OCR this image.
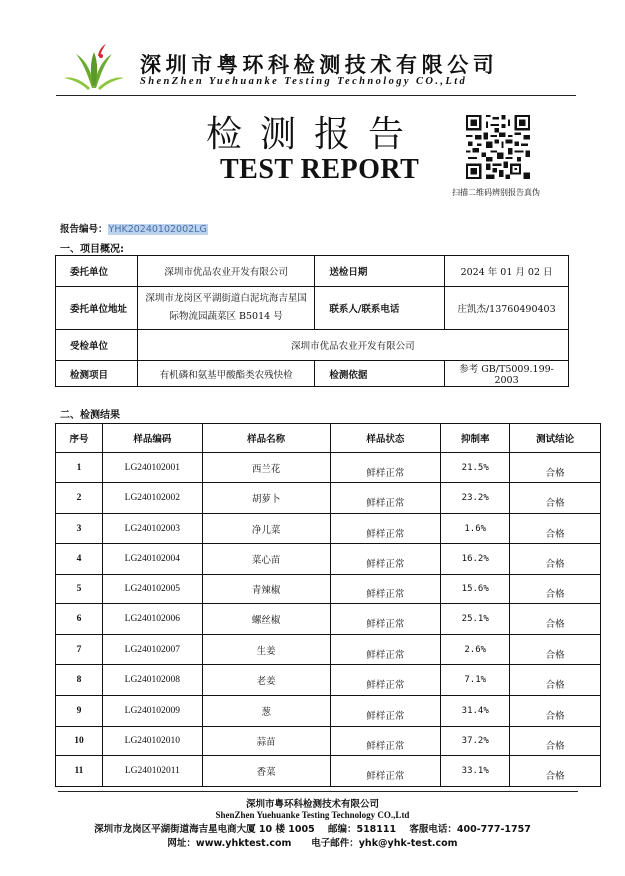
深圳市粤环科检测技术有限公司
ShenZhen Yuehuanke Testing Technology CO.,Ltd
检测报告
TEST REPORT
扫描二维码辨别报告真伪
报告编号：YHK20240102002LG
一、项目概况:
委托单位	深圳市优品农业开发有限公司	送检日期	2024 年 01 月 02 日
委托单位地址	深圳市龙岗区平湖街道白泥坑海吉星国际物流园蔬菜区 B5014 号	联系人/联系电话	庄凯杰/13760490403
受检单位	深圳市优品农业开发有限公司		
检测项目	有机磷和氨基甲酸酯类农残快检	检测依据	参考 GB/T5009.199-2003
二、检测结果
序号	样品编码	样品名称	样品状态	抑制率	测试结论
1	LG240102001	西兰花	鲜样正常	21.5%	合格
2	LG240102002	胡萝卜	鲜样正常	23.2%	合格
3	LG240102003	净儿菜	鲜样正常	1.6%	合格
4	LG240102004	菜心苗	鲜样正常	16.2%	合格
5	LG240102005	青辣椒	鲜样正常	15.6%	合格
6	LG240102006	螺丝椒	鲜样正常	25.1%	合格
7	LG240102007	生姜	鲜样正常	2.6%	合格
8	LG240102008	老姜	鲜样正常	7.1%	合格
9	LG240102009	葱	鲜样正常	31.4%	合格
10	LG240102010	蒜苗	鲜样正常	37.2%	合格
11	LG240102011	香菜	鲜样正常	33.1%	合格
深圳市粤环科检测技术有限公司
ShenZhen Yuehuanke Testing Technology CO.,Ltd
深圳市龙岗区平湖街道海吉星电商大厦 10 楼 1005 邮编：518111 客服电话：400-777-1757
网址：www.yhktest.com 电子邮件：yhk@yhk-test.com
